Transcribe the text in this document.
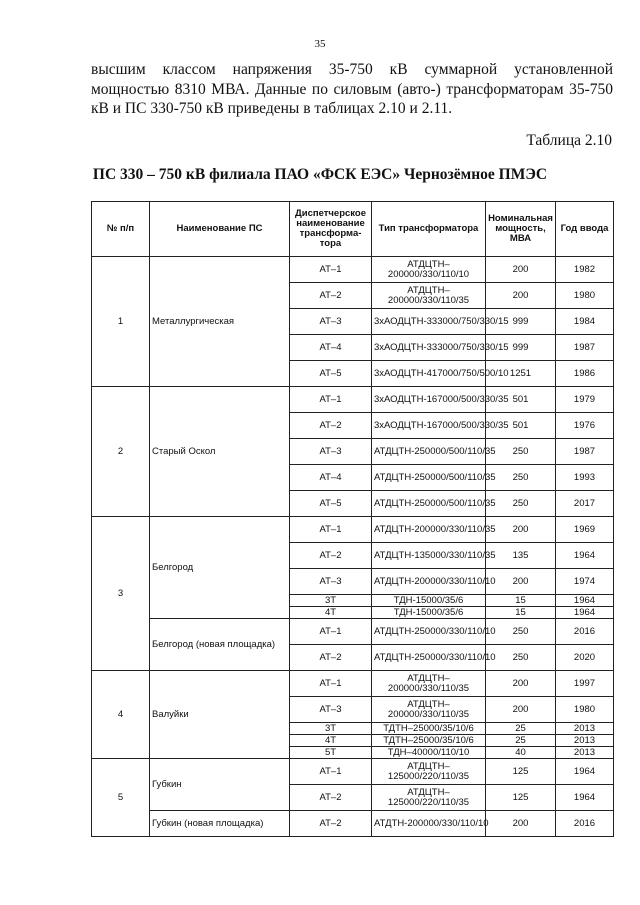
35

высшим классом напряжения 35-750 кВ суммарной установленной мощностью 8310 МВА. Данные по силовым (авто-) трансформаторам 35-750 кВ и ПС 330-750 кВ приведены в таблицах 2.10 и 2.11.

Таблица 2.10
ПС 330 – 750 кВ филиала ПАО «ФСК ЕЭС» Чернозёмное ПМЭС
№ п/п	Наименование ПС	Диспетчерское наименование трансформа-тора	Тип трансформатора	Номинальная мощность, МВА	Год ввода
1	Металлургическая	АТ–1	АТДЦТН–200000/330/110/10	200	1982
		АТ–2	АТДЦТН–200000/330/110/35	200	1980
		АТ–3	3хАОДЦТН-333000/750/330/15	999	1984
		АТ–4	3хАОДЦТН-333000/750/330/15	999	1987
		АТ–5	3хАОДЦТН-417000/750/500/10	1251	1986
2	Старый Оскол	АТ–1	3хАОДЦТН-167000/500/330/35	501	1979
		АТ–2	3хАОДЦТН-167000/500/330/35	501	1976
		АТ–3	АТДЦТН-250000/500/110/35	250	1987
		АТ–4	АТДЦТН-250000/500/110/35	250	1993
		АТ–5	АТДЦТН-250000/500/110/35	250	2017
3	Белгород	АТ–1	АТДЦТН-200000/330/110/35	200	1969
		АТ–2	АТДЦТН-135000/330/110/35	135	1964
		АТ–3	АТДЦТН-200000/330/110/10	200	1974
		3Т	ТДН-15000/35/6	15	1964
		4Т	ТДН-15000/35/6	15	1964
	Белгород (новая площадка)	АТ–1	АТДЦТН-250000/330/110/10	250	2016
		АТ–2	АТДЦТН-250000/330/110/10	250	2020
4	Валуйки	АТ–1	АТДЦТН–200000/330/110/35	200	1997
		АТ–3	АТДЦТН–200000/330/110/35	200	1980
		3Т	ТДТН–25000/35/10/6	25	2013
		4Т	ТДТН–25000/35/10/6	25	2013
		5Т	ТДН–40000/110/10	40	2013
5	Губкин	АТ–1	АТДЦТН–125000/220/110/35	125	1964
		АТ–2	АТДЦТН–125000/220/110/35	125	1964
	Губкин (новая площадка)	АТ–2	АТДТН-200000/330/110/10	200	2016
